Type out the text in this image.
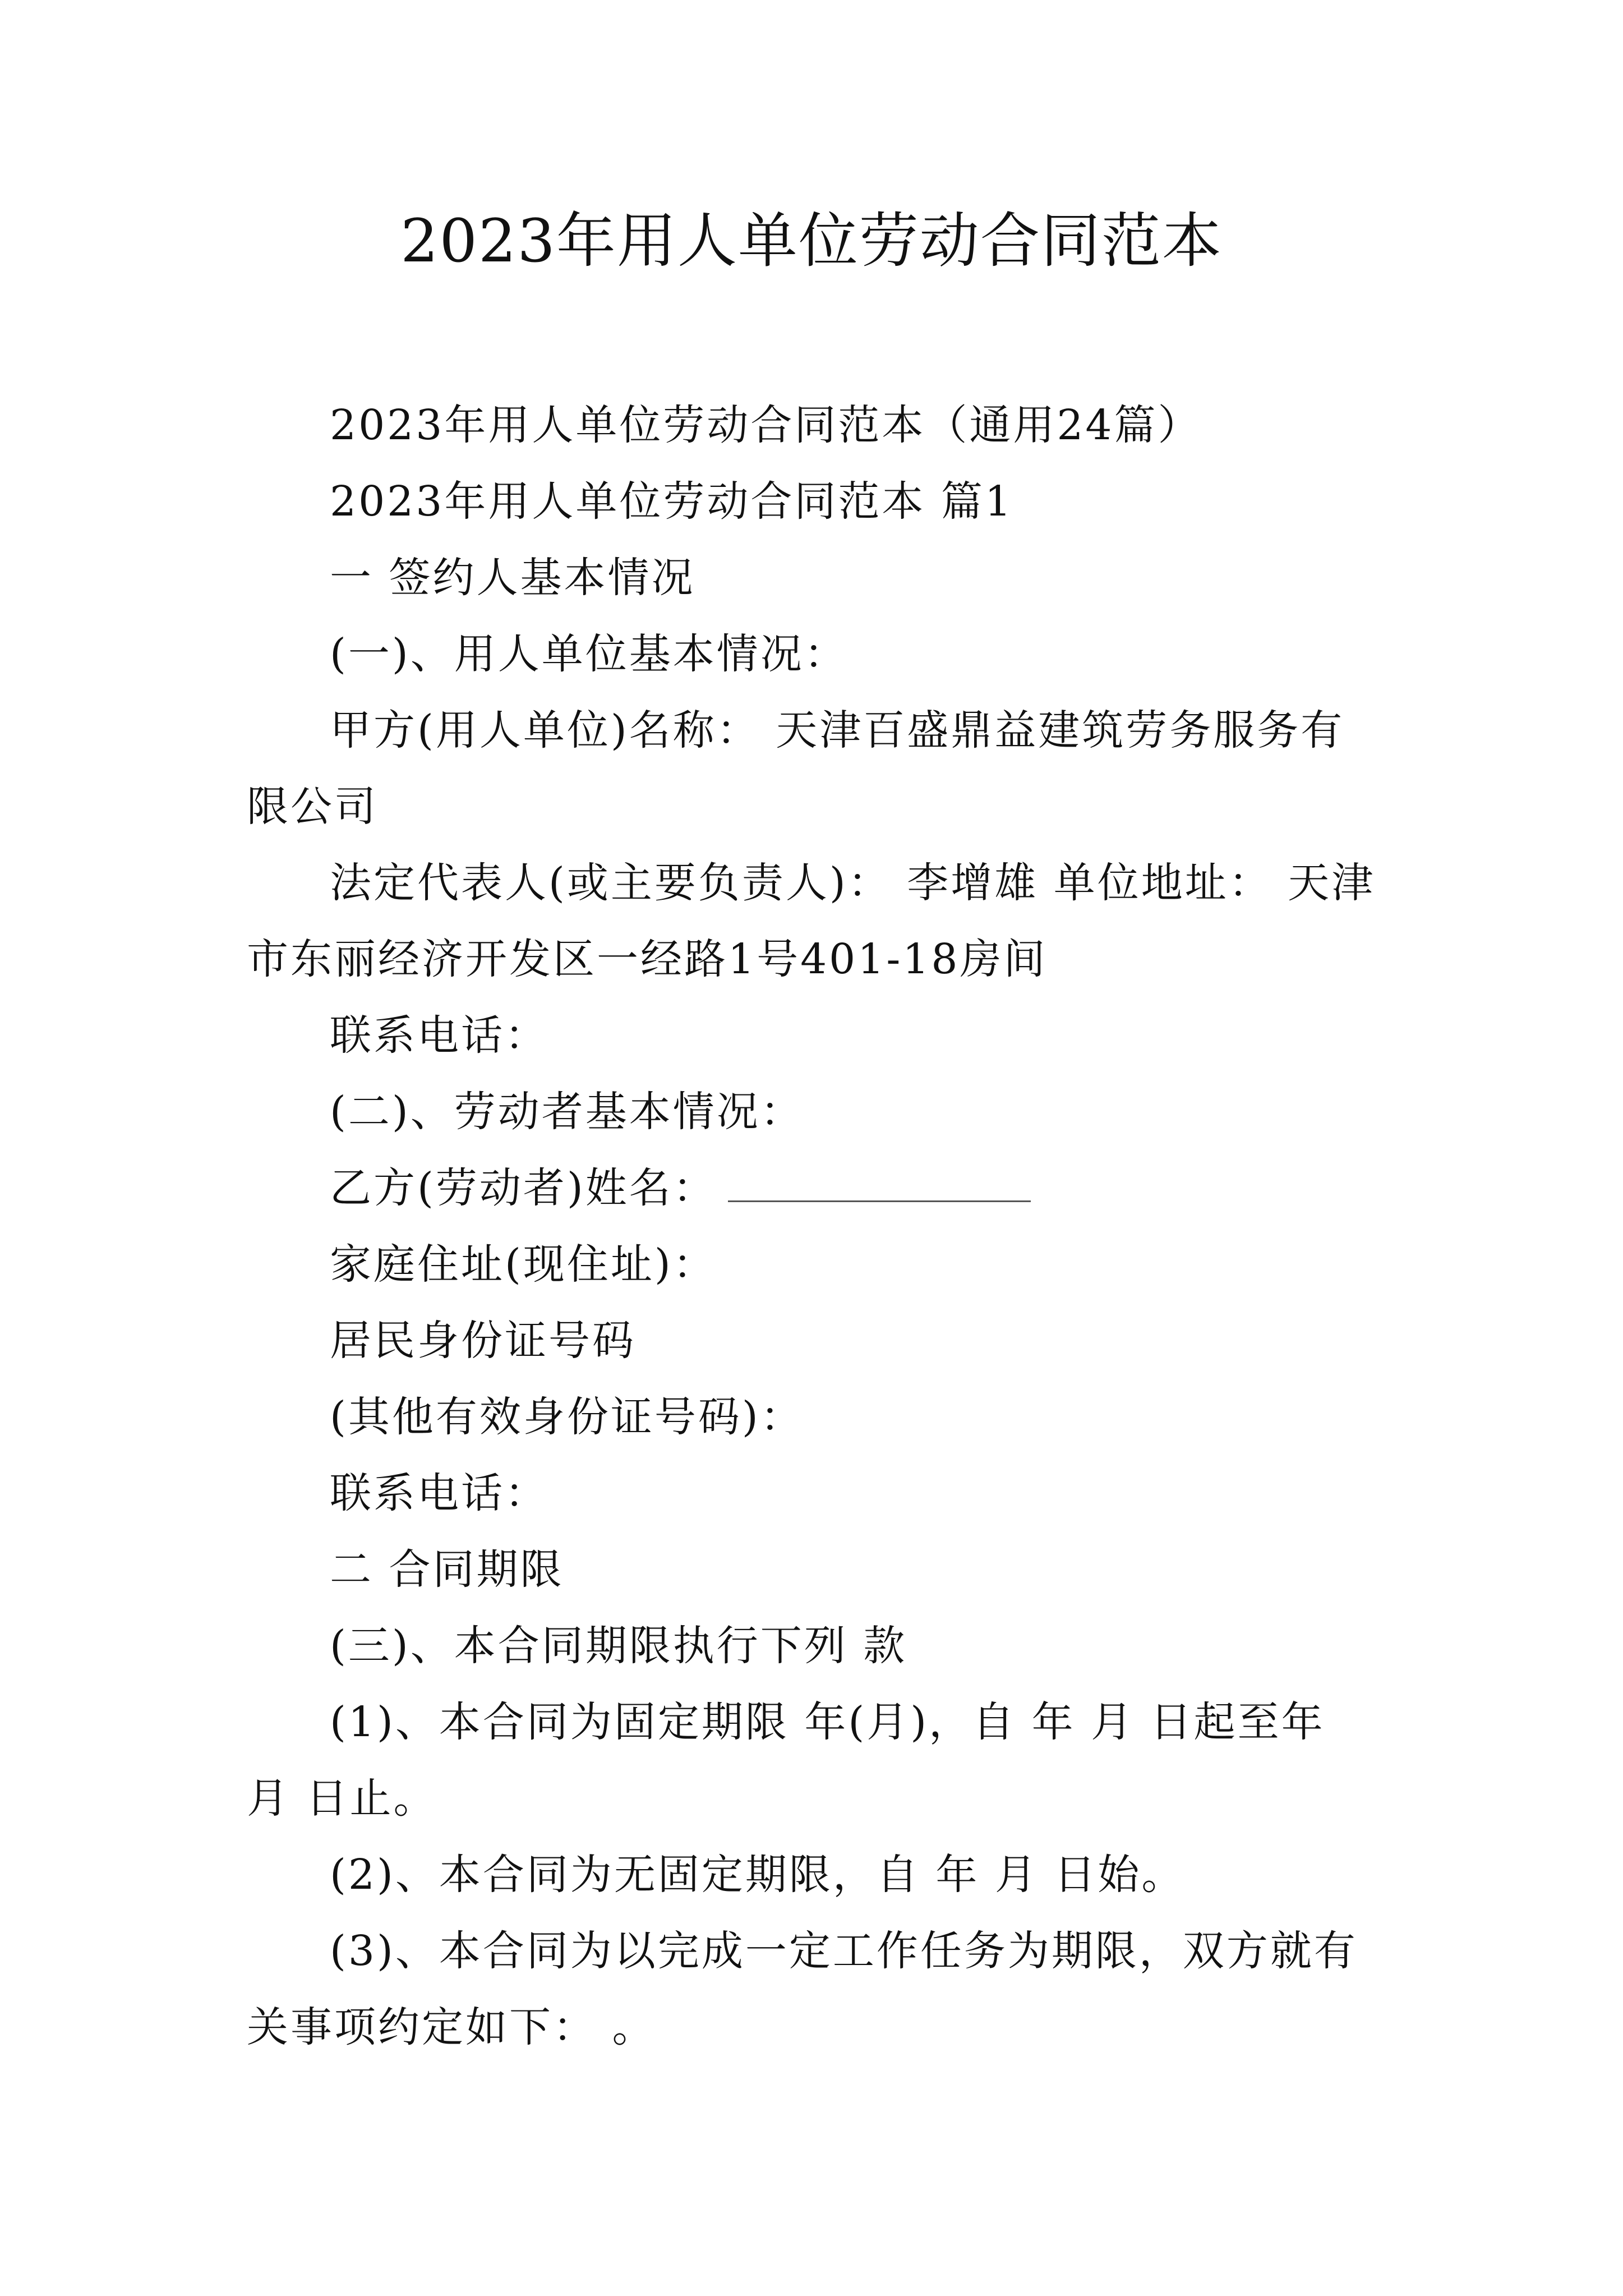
2023年用人单位劳动合同范本

2023年用人单位劳动合同范本（通用24篇）

2023年用人单位劳动合同范本 篇1

一 签约人基本情况

(一)、用人单位基本情况：

甲方(用人单位)名称： 天津百盛鼎益建筑劳务服务有限公司

法定代表人(或主要负责人)： 李增雄 单位地址： 天津市东丽经济开发区一经路1号401-18房间

联系电话：

(二)、劳动者基本情况：

乙方(劳动者)姓名：

家庭住址(现住址)：

居民身份证号码

(其他有效身份证号码)：

联系电话：

二 合同期限

(三)、本合同期限执行下列 款

(1)、本合同为固定期限 年(月)，自 年 月 日起至年 月 日止。

(2)、本合同为无固定期限，自 年 月 日始。

(3)、本合同为以完成一定工作任务为期限，双方就有关事项约定如下： 。
